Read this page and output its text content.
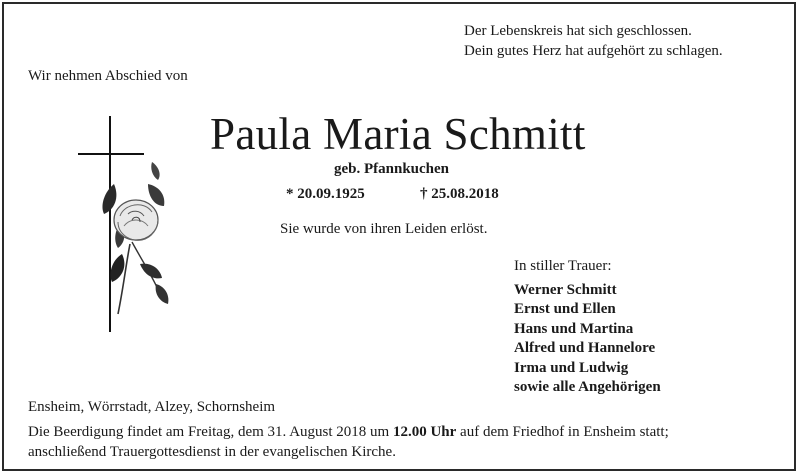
Der Lebenskreis hat sich geschlossen.
Dein gutes Herz hat aufgehört zu schlagen.
Wir nehmen Abschied von
Paula Maria Schmitt
geb. Pfannkuchen
* 20.09.1925	† 25.08.2018
Sie wurde von ihren Leiden erlöst.
In stiller Trauer:
Werner Schmitt
Ernst und Ellen
Hans und Martina
Alfred und Hannelore
Irma und Ludwig
sowie alle Angehörigen
Ensheim, Wörrstadt, Alzey, Schornsheim
Die Beerdigung findet am Freitag, dem 31. August 2018 um 12.00 Uhr auf dem Friedhof in Ensheim statt;
anschließend Trauergottesdienst in der evangelischen Kirche.
